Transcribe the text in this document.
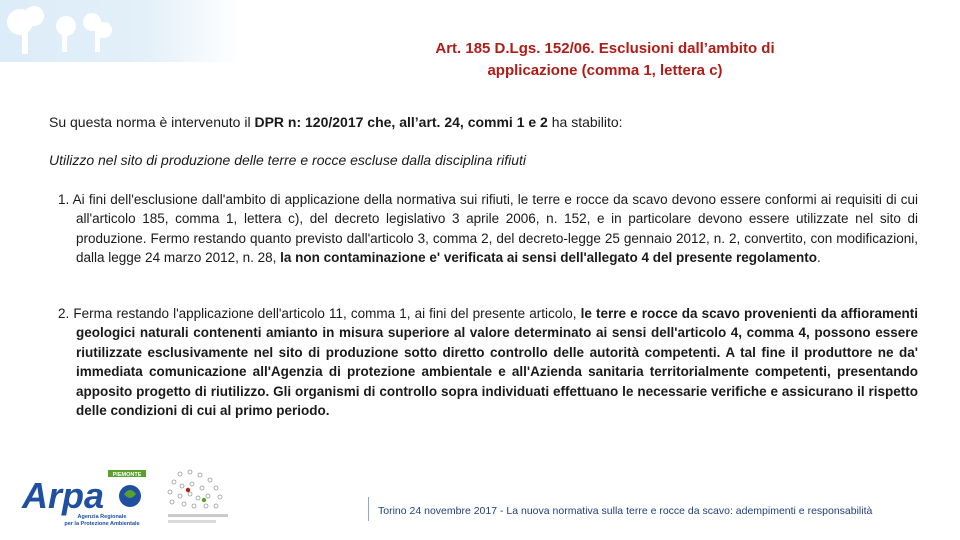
Art. 185 D.Lgs. 152/06. Esclusioni dall’ambito di
applicazione (comma 1, lettera c)
Su questa norma è intervenuto il DPR n: 120/2017 che, all’art. 24, commi 1 e 2 ha stabilito:
Utilizzo nel sito di produzione delle terre e rocce escluse dalla disciplina rifiuti
1. Ai fini dell'esclusione dall'ambito di applicazione della normativa sui rifiuti, le terre e rocce da scavo devono essere conformi ai requisiti di cui all'articolo 185, comma 1, lettera c), del decreto legislativo 3 aprile 2006, n. 152, e in particolare devono essere utilizzate nel sito di produzione. Fermo restando quanto previsto dall'articolo 3, comma 2, del decreto-legge 25 gennaio 2012, n. 2, convertito, con modificazioni, dalla legge 24 marzo 2012, n. 28, la non contaminazione e' verificata ai sensi dell'allegato 4 del presente regolamento.
2. Ferma restando l'applicazione dell'articolo 11, comma 1, ai fini del presente articolo, le terre e rocce da scavo provenienti da affioramenti geologici naturali contenenti amianto in misura superiore al valore determinato ai sensi dell'articolo 4, comma 4, possono essere riutilizzate esclusivamente nel sito di produzione sotto diretto controllo delle autorità competenti. A tal fine il produttore ne da' immediata comunicazione all'Agenzia di protezione ambientale e all'Azienda sanitaria territorialmente competenti, presentando apposito progetto di riutilizzo. Gli organismi di controllo sopra individuati effettuano le necessarie verifiche e assicurano il rispetto delle condizioni di cui al primo periodo.
PIEMONTE
Arpa
Agenzia Regionale
per la Protezione Ambientale
Torino 24 novembre 2017 - La nuova normativa sulla terre e rocce da scavo: adempimenti e responsabilità
